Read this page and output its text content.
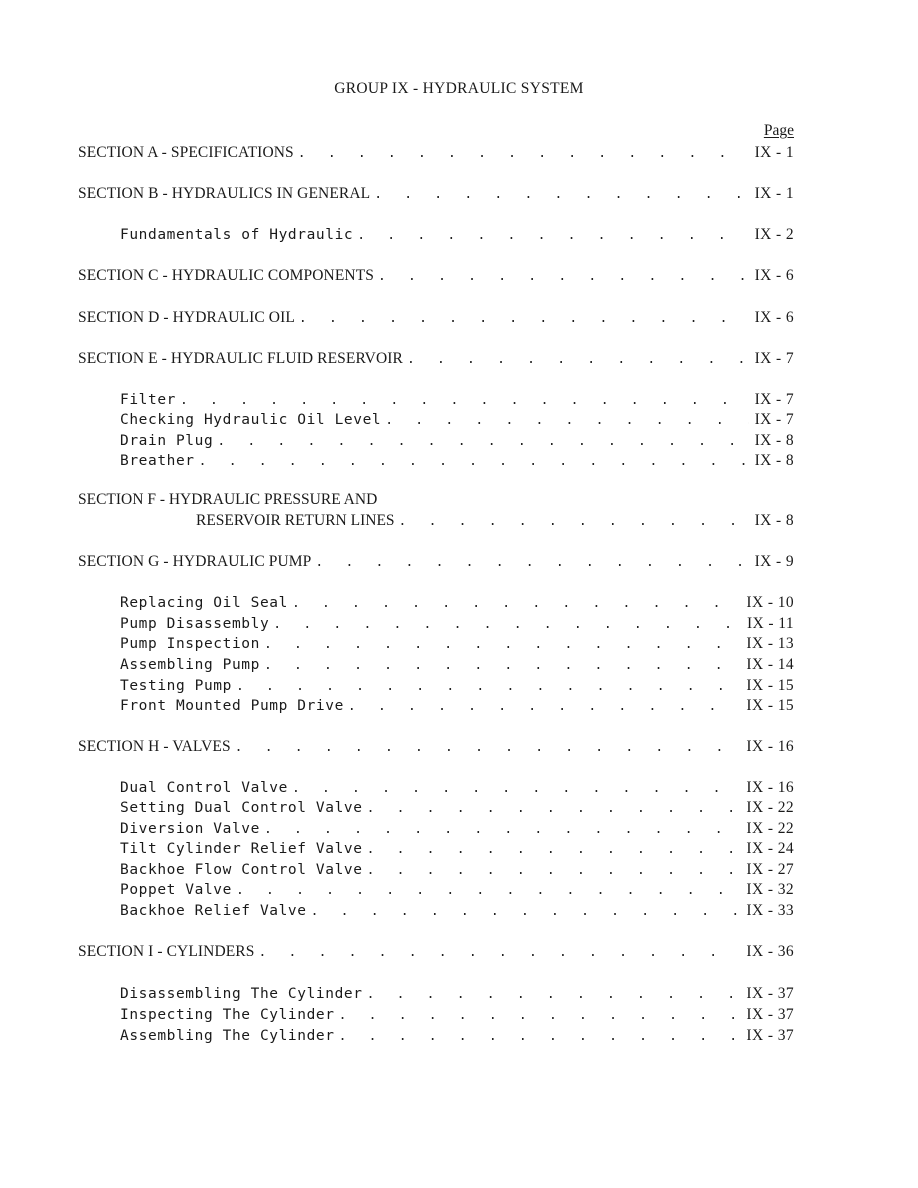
GROUP IX - HYDRAULIC SYSTEM
Page
SECTION A - SPECIFICATIONS . . .	IX - 1
SECTION B - HYDRAULICS IN GENERAL . . .	IX - 1
Fundamentals of Hydraulic . . .	IX - 2
SECTION C - HYDRAULIC COMPONENTS . . .	IX - 6
SECTION D - HYDRAULIC OIL . . .	IX - 6
SECTION E - HYDRAULIC FLUID RESERVOIR . . .	IX - 7
Filter . . .	IX - 7
Checking Hydraulic Oil Level . . .	IX - 7
Drain Plug . . .	IX - 8
Breather . . .	IX - 8
SECTION F - HYDRAULIC PRESSURE AND
RESERVOIR RETURN LINES . . .	IX - 8
SECTION G - HYDRAULIC PUMP . . .	IX - 9
Replacing Oil Seal . . .	IX - 10
Pump Disassembly . . .	IX - 11
Pump Inspection . . .	IX - 13
Assembling Pump . . .	IX - 14
Testing Pump . . .	IX - 15
Front Mounted Pump Drive . . .	IX - 15
SECTION H - VALVES . . .	IX - 16
Dual Control Valve . . .	IX - 16
Setting Dual Control Valve . . .	IX - 22
Diversion Valve . . .	IX - 22
Tilt Cylinder Relief Valve . . .	IX - 24
Backhoe Flow Control Valve . . .	IX - 27
Poppet Valve . . .	IX - 32
Backhoe Relief Valve . . .	IX - 33
SECTION I - CYLINDERS . . .	IX - 36
Disassembling The Cylinder . . .	IX - 37
Inspecting The Cylinder . . .	IX - 37
Assembling The Cylinder . . .	IX - 37
